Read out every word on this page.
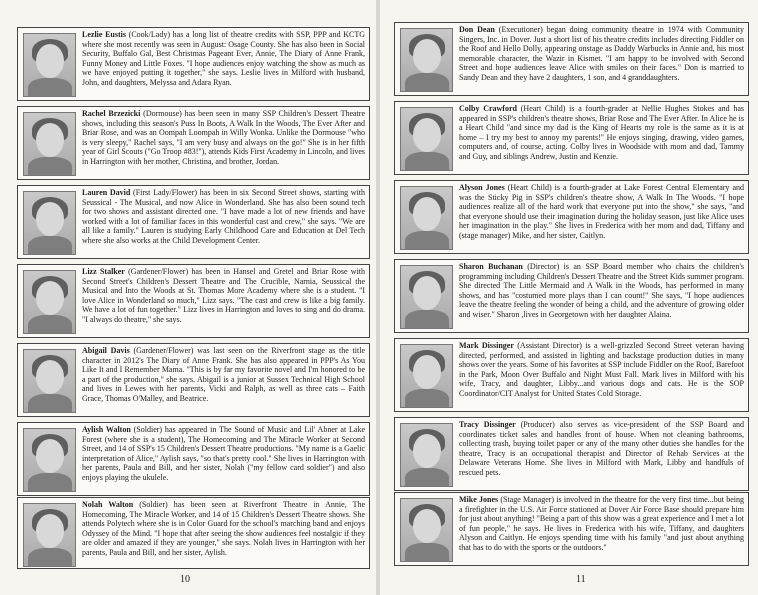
Lezlie Eustis (Cook/Lady) has a long list of theatre credits with SSP, PPP and KCTG where she most recently was seen in August: Osage County. She has also been in Social Security, Buffalo Gal, Best Christmas Pageant Ever, Annie, The Diary of Anne Frank, Funny Money and Little Foxes. "I hope audiences enjoy watching the show as much as we have enjoyed putting it together," she says. Leslie lives in Milford with husband, John, and daughters, Melyssa and Adara Ryan.
Rachel Brzezicki (Dormouse) has been seen in many SSP Children's Dessert Theatre shows, including this season's Puss In Boots, A Walk In the Woods, The Ever After and Briar Rose, and was an Oompah Loompah in Willy Wonka. Unlike the Dormouse "who is very sleepy," Rachel says, "I am very busy and always on the go!" She is in her fifth year of Girl Scouts ("Go Troop #83!"), attends Kids First Academy in Lincoln, and lives in Harrington with her mother, Christina, and brother, Jordan.
Lauren David (First Lady/Flower) has been in six Second Street shows, starting with Seussical - The Musical, and now Alice in Wonderland. She has also been sound tech for two shows and assistant directed one. "I have made a lot of new friends and have worked with a lot of familiar faces in this wonderful cast and crew," she says. "We are all like a family." Lauren is studying Early Childhood Care and Education at Del Tech where she also works at the Child Development Center.
Lizz Stalker (Gardener/Flower) has been in Hansel and Gretel and Briar Rose with Second Street's Children's Dessert Theatre and The Crucible, Narnia, Seussical the Musical and Into the Woods at St. Thomas More Academy where she is a student. "I love Alice in Wonderland so much," Lizz says. "The cast and crew is like a big family. We have a lot of fun together." Lizz lives in Harrington and loves to sing and do drama. "I always do theatre," she says.
Abigail Davis (Gardener/Flower) was last seen on the Riverfront stage as the title character in 2012's The Diary of Anne Frank. She has also appeared in PPP's As You Like It and I Remember Mama. "This is by far my favorite novel and I'm honored to be a part of the production," she says. Abigail is a junior at Sussex Technical High School and lives in Lewes with her parents, Vicki and Ralph, as well as three cats – Faith Grace, Thomas O'Malley, and Beatrice.
Aylish Walton (Soldier) has appeared in The Sound of Music and Lil' Abner at Lake Forest (where she is a student), The Homecoming and The Miracle Worker at Second Street, and 14 of SSP's 15 Children's Dessert Theatre productions. "My name is a Gaelic interpretation of Alice," Aylish says, "so that's pretty cool." She lives in Harrington with her parents, Paula and Bill, and her sister, Nolah ("my fellow card soldier") and also enjoys playing the ukulele.
Nolah Walton (Soldier) has been seen at Riverfront Theatre in Annie, The Homecoming, The Miracle Worker, and 14 of 15 Children's Dessert Theatre shows. She attends Polytech where she is in Color Guard for the school's marching band and enjoys Odyssey of the Mind. "I hope that after seeing the show audiences feel nostalgic if they are older and amazed if they are younger," she says. Nolah lives in Harrington with her parents, Paula and Bill, and her sister, Aylish.
10
Don Dean (Executioner) began doing community theatre in 1974 with Community Singers, Inc. in Dover. Just a short list of his theatre credits includes directing Fiddler on the Roof and Hello Dolly, appearing onstage as Daddy Warbucks in Annie and, his most memorable character, the Wazir in Kismet. "I am happy to be involved with Second Street and hope audiences leave Alice with smiles on their faces." Don is married to Sandy Dean and they have 2 daughters, 1 son, and 4 granddaughters.
Colby Crawford (Heart Child) is a fourth-grader at Nellie Hughes Stokes and has appeared in SSP's children's theatre shows, Briar Rose and The Ever After. In Alice he is a Heart Child "and since my dad is the King of Hearts my role is the same as it is at home – I try my best to annoy my parents!" He enjoys singing, drawing, video games, computers and, of course, acting. Colby lives in Woodside with mom and dad, Tammy and Guy, and siblings Andrew, Justin and Kenzie.
Alyson Jones (Heart Child) is a fourth-grader at Lake Forest Central Elementary and was the Sticky Pig in SSP's children's theatre show, A Walk In The Woods. "I hope audiences realize all of the hard work that everyone put into the show," she says, "and that everyone should use their imagination during the holiday season, just like Alice uses her imagination in the play." She lives in Frederica with her mom and dad, Tiffany and (stage manager) Mike, and her sister, Caitlyn.
Sharon Buchanan (Director) is an SSP Board member who chairs the children's programming including Children's Dessert Theatre and the Street Kids summer program. She directed The Little Mermaid and A Walk in the Woods, has performed in many shows, and has "costumed more plays than I can count!" She says, "I hope audiences leave the theatre feeling the wonder of being a child, and the adventure of growing older and wiser." Sharon ,lives in Georgetown with her daughter Alaina.
Mark Dissinger (Assistant Director) is a well-grizzled Second Street veteran having directed, performed, and assisted in lighting and backstage production duties in many shows over the years. Some of his favorites at SSP include Fiddler on the Roof, Barefoot in the Park, Moon Over Buffalo and Night Must Fall. Mark lives in Milford with his wife, Tracy, and daughter, Libby...and various dogs and cats. He is the SOP Coordinator/CIT Analyst for United States Cold Storage.
Tracy Dissinger (Producer) also serves as vice-president of the SSP Board and coordinates ticket sales and handles front of house. When not cleaning bathrooms, collecting trash, buying toilet paper or any of the many other duties she handles for the theatre, Tracy is an occupational therapist and Director of Rehab Services at the Delaware Veterans Home. She lives in Milford with Mark, Libby and handfuls of rescued pets.
Mike Jones (Stage Manager) is involved in the theatre for the very first time...but being a firefighter in the U.S. Air Force stationed at Dover Air Force Base should prepare him for just about anything! "Being a part of this show was a great experience and I met a lot of fun people," he says. He lives in Frederica with his wife, Tiffany, and daughters Alyson and Caitlyn. He enjoys spending time with his family "and just about anything that has to do with the sports or the outdoors."
11
